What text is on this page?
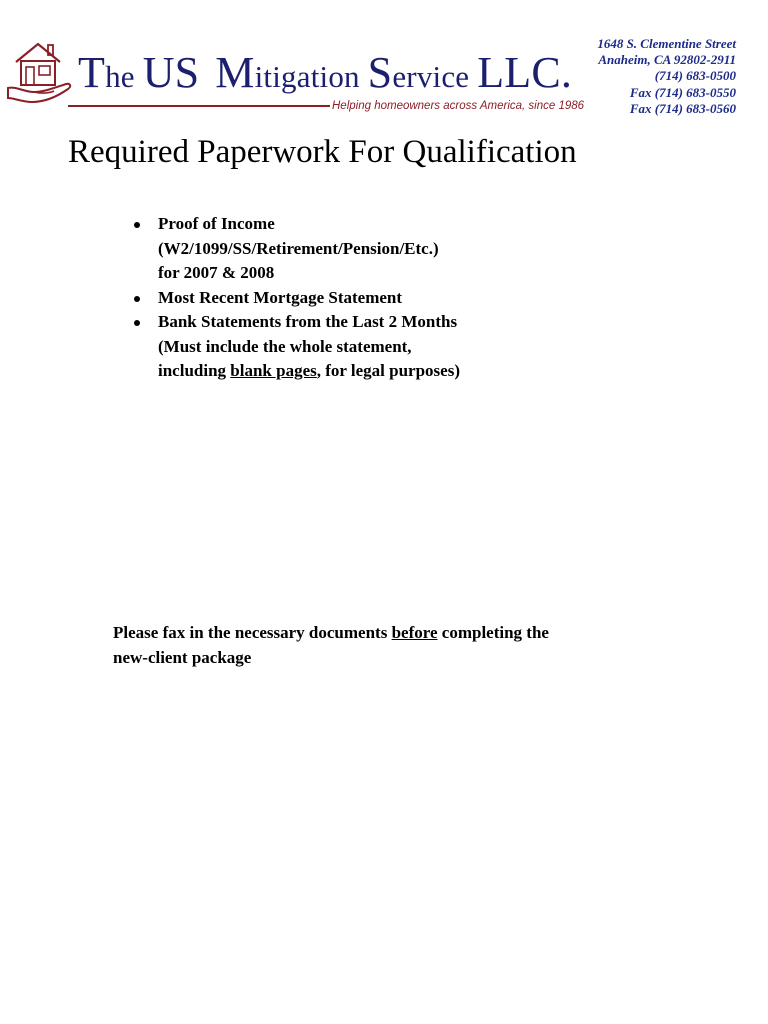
The US Mitigation Service LLC.
Helping homeowners across America, since 1986
1648 S. Clementine Street
Anaheim, CA 92802-2911
(714) 683-0500
Fax (714) 683-0550
Fax (714) 683-0560
Required Paperwork For Qualification
Proof of Income
(W2/1099/SS/Retirement/Pension/Etc.)
for 2007 & 2008
Most Recent Mortgage Statement
Bank Statements from the Last 2 Months
(Must include the whole statement,
including blank pages, for legal purposes)
Please fax in the necessary documents before completing the
new-client package
